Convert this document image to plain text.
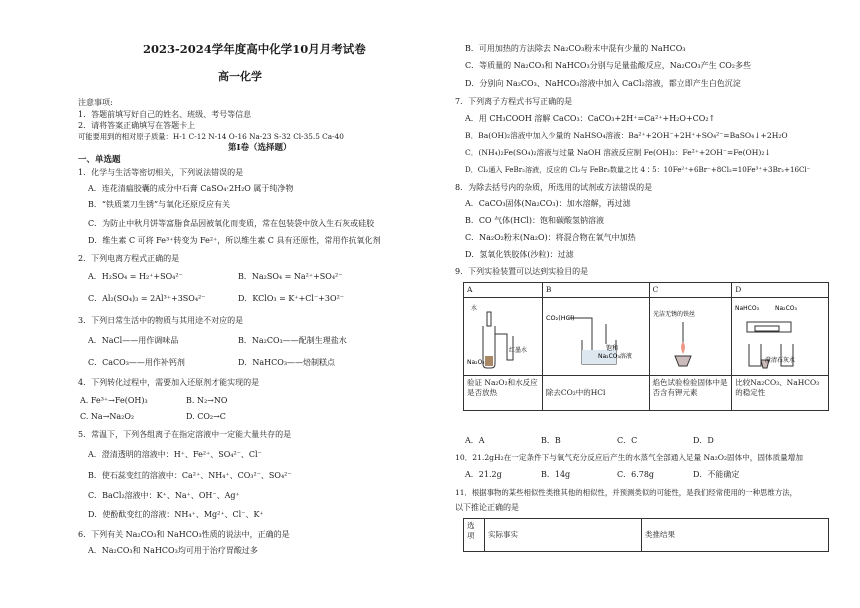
2023-2024学年度高中化学10月月考试卷
高一化学
注意事项:
1．答题前填写好自己的姓名、班级、考号等信息
2．请将答案正确填写在答题卡上
可能要用到的相对原子质量：H-1 C-12 N-14 O-16 Na-23 S-32 Cl-35.5 Ca-40
第Ⅰ卷（选择题）
一、单选题
1．化学与生活等密切相关，下列说法错误的是
A．连花清瘟胶囊的成分中石膏 CaSO₄·2H₂O 属于纯净物
B．“铁质菜刀生锈”与氧化还原反应有关
C．为防止中秋月饼等富脂食品因被氧化而变质，常在包装袋中放入生石灰或硅胶
D．维生素 C 可将 Fe³⁺转变为 Fe²⁺，所以维生素 C 具有还原性，常用作抗氧化剂
2．下列电离方程式正确的是
A．H₂SO₄ = H₂⁺+SO₄²⁻	B．Na₂SO₄ = Na²⁺+SO₄²⁻
C．Al₂(SO₄)₃ = 2Al³⁺+3SO₄²⁻	D．KClO₃ = K⁺+Cl⁻+3O²⁻
3．下列日常生活中的物质与其用途不对应的是
A．NaCl——用作调味品	B．Na₂CO₃——配制生理盐水
C．CaCO₃——用作补钙剂	D．NaHCO₃——焙制糕点
4．下列转化过程中，需要加入还原剂才能实现的是
A. Fe³⁺→Fe(OH)₃	B. N₂→NO
C. Na→Na₂O₂	D. CO₂→C
5．常温下，下列各组离子在指定溶液中一定能大量共存的是
A．澄清透明的溶液中：H⁺、Fe²⁺、SO₄²⁻、Cl⁻
B．使石蕊变红的溶液中：Ca²⁺、NH₄⁺、CO₃²⁻、SO₄²⁻
C．BaCl₂溶液中：K⁺、Na⁺、OH⁻、Ag⁺
D．使酚酞变红的溶液：NH₄⁺、Mg²⁺、Cl⁻、K⁺
6．下列有关 Na₂CO₃和 NaHCO₃性质的说法中，正确的是
A．Na₂CO₃和 NaHCO₃均可用于治疗胃酸过多
B．可用加热的方法除去 Na₂CO₃粉末中混有少量的 NaHCO₃
C．等质量的 Na₂CO₃和 NaHCO₃分别与足量盐酸反应，Na₂CO₃产生 CO₂多些
D．分别向 Na₂CO₃、NaHCO₃溶液中加入 CaCl₂溶液，都立即产生白色沉淀
7．下列离子方程式书写正确的是
A．用 CH₃COOH 溶解 CaCO₃：CaCO₃+2H⁺=Ca²⁺+H₂O+CO₂↑
B．Ba(OH)₂溶液中加入少量的 NaHSO₄溶液：Ba²⁺+2OH⁻+2H⁺+SO₄²⁻=BaSO₄↓+2H₂O
C．(NH₄)₂Fe(SO₄)₂溶液与过量 NaOH 溶液反应制 Fe(OH)₂：Fe²⁺+2OH⁻=Fe(OH)₂↓
D．Cl₂通入 FeBr₂溶液，反应的 Cl₂与 FeBr₂数量之比 4∶5：10Fe²⁺+6Br⁻+8Cl₂=10Fe³⁺+3Br₂+16Cl⁻
8．为除去括号内的杂质，所选用的试剂或方法错误的是
A．CaCO₃固体(Na₂CO₃)：加水溶解，再过滤
B．CO 气体(HCl)：饱和碳酸氢钠溶液
C．Na₂O₂粉末(Na₂O)：将混合物在氧气中加热
D．氢氧化铁胶体(沙粒)：过滤
9．下列实验装置可以达到实验目的是
A	B	C	D

水
红墨水
Na₂O₂	CO₂(HCl)
饱和
Na₂CO₃溶液	光洁无锈的铁丝	NaHCO₃ Na₂CO₃
澄清石灰水

验证 Na₂O₂和水反应是否放热	除去CO₂中的HCl	焰色试验检验固体中是否含有钾元素	比较Na₂CO₃、NaHCO₃的稳定性
A．A	B．B	C．C	D．D
10．21.2gH₂在一定条件下与氧气充分反应后产生的水蒸气全部通入足量 Na₂O₂固体中，固体质量增加
A．21.2g	B．14g	C．6.78g	D．不能确定
11．根据事物的某些相似性类推其他的相似性，并预测类似的可能性，是我们经常使用的一种思维方法，
以下推论正确的是
选项	实际事实	类推结果
